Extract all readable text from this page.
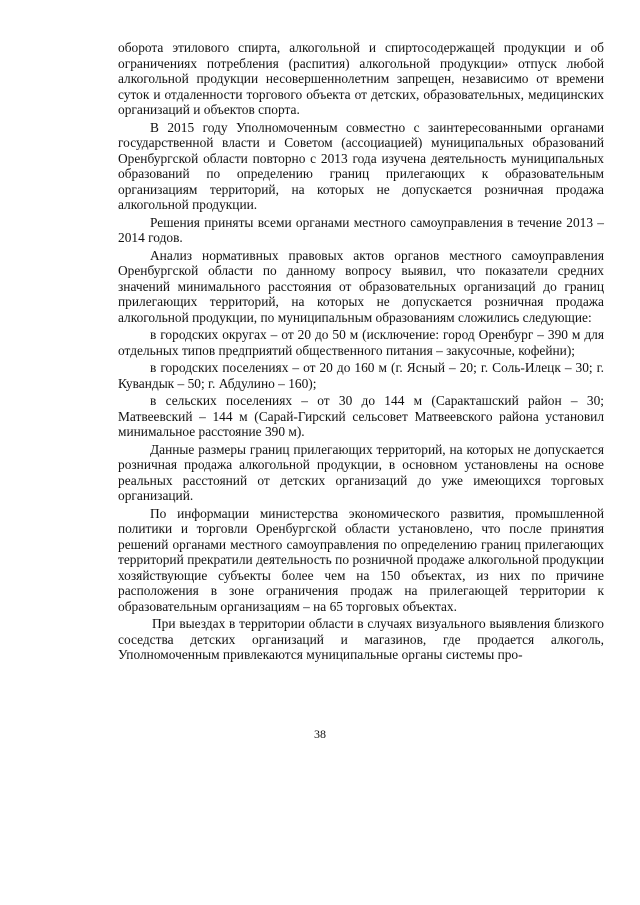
оборота этилового спирта, алкогольной и спиртосодержащей продукции и об ограничениях потребления (распития) алкогольной продукции» отпуск любой алкогольной продукции несовершеннолетним запрещен, независимо от времени суток и отдаленности торгового объекта от детских, образовательных, медицинских организаций и объектов спорта.

В 2015 году Уполномоченным совместно с заинтересованными органами государственной власти и Советом (ассоциацией) муниципальных образований Оренбургской области повторно с 2013 года изучена деятельность муниципальных образований по определению границ прилегающих к образовательным организациям территорий, на которых не допускается розничная продажа алкогольной продукции.

Решения приняты всеми органами местного самоуправления в течение 2013 – 2014 годов.

Анализ нормативных правовых актов органов местного самоуправления Оренбургской области по данному вопросу выявил, что показатели средних значений минимального расстояния от образовательных организаций до границ прилегающих территорий, на которых не допускается розничная продажа алкогольной продукции, по муниципальным образованиям сложились следующие:

в городских округах – от 20 до 50 м (исключение: город Оренбург – 390 м для отдельных типов предприятий общественного питания – закусочные, кофейни);

в городских поселениях – от 20 до 160 м (г. Ясный – 20; г. Соль-Илецк – 30; г. Кувандык – 50; г. Абдулино – 160);

в сельских поселениях – от 30 до 144 м (Саракташский район – 30; Матвеевский – 144 м (Сарай-Гирский сельсовет Матвеевского района установил минимальное расстояние 390 м).

Данные размеры границ прилегающих территорий, на которых не допускается розничная продажа алкогольной продукции, в основном установлены на основе реальных расстояний от детских организаций до уже имеющихся торговых организаций.

По информации министерства экономического развития, промышленной политики и торговли Оренбургской области установлено, что после принятия решений органами местного самоуправления по определению границ прилегающих территорий прекратили деятельность по розничной продаже алкогольной продукции хозяйствующие субъекты более чем на 150 объектах, из них по причине расположения в зоне ограничения продаж на прилегающей территории к образовательным организациям – на 65 торговых объектах.

При выездах в территории области в случаях визуального выявления близкого соседства детских организаций и магазинов, где продается алкоголь, Уполномоченным привлекаются муниципальные органы системы про-

38
